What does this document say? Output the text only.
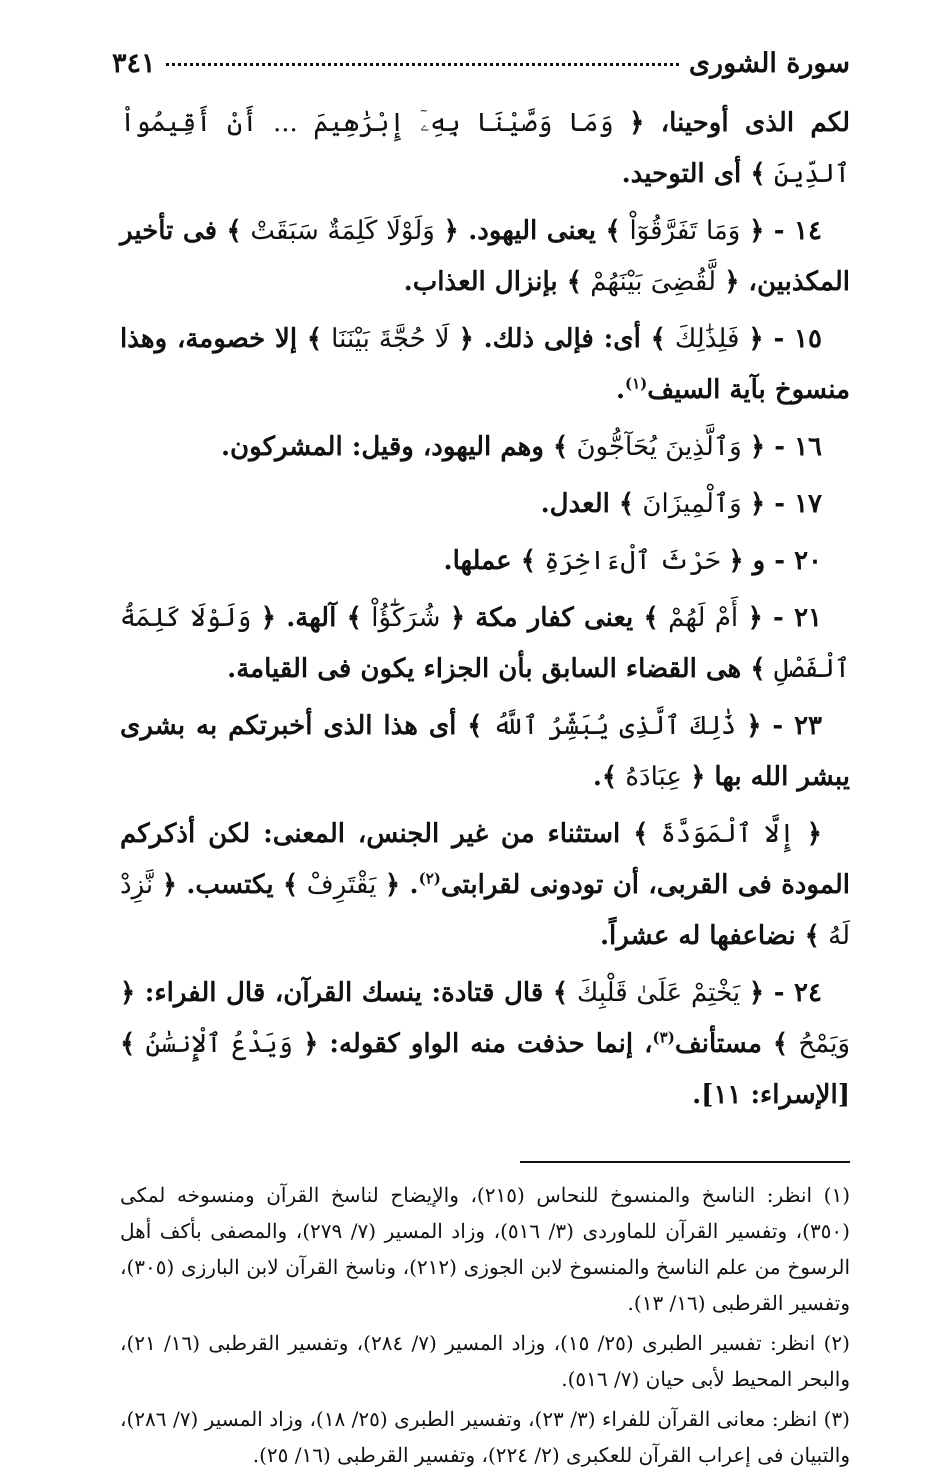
سورة الشورى
٣٤١

لكم الذى أوحينا، ﴿ وَمَا وَصَّيْنَا بِهِۦٓ إِبْرَٰهِيمَ ... أَنْ أَقِيمُواْ ٱلدِّينَ ﴾ أى التوحيد.

١٤ - ﴿ وَمَا تَفَرَّقُوٓاْ ﴾ يعنى اليهود. ﴿ وَلَوْلَا كَلِمَةٌ سَبَقَتْ ﴾ فى تأخير المكذبين، ﴿ لَّقُضِىَ بَيْنَهُمْ ﴾ بإنزال العذاب.

١٥ - ﴿ فَلِذَٰلِكَ ﴾ أى: فإلى ذلك. ﴿ لَا حُجَّةَ بَيْنَنَا ﴾ إلا خصومة، وهذا منسوخ بآية السيف$^{(١)}$.

١٦ - ﴿ وَٱلَّذِينَ يُحَآجُّونَ ﴾ وهم اليهود، وقيل: المشركون.

١٧ - ﴿ وَٱلْمِيزَانَ ﴾ العدل.

٢٠ - و ﴿ حَرْثَ ٱلْءَاخِرَةِ ﴾ عملها.

٢١ - ﴿ أَمْ لَهُمْ ﴾ يعنى كفار مكة ﴿ شُرَكَٰٓؤُاْ ﴾ آلهة. ﴿ وَلَوْلَا كَلِمَةُ ٱلْفَصْلِ ﴾ هى القضاء السابق بأن الجزاء يكون فى القيامة.

٢٣ - ﴿ ذَٰلِكَ ٱلَّذِى يُبَشِّرُ ٱللَّهُ ﴾ أى هذا الذى أخبرتكم به بشرى يبشر الله بها ﴿ عِبَادَهُ ﴾.

﴿ إِلَّا ٱلْمَوَدَّةَ ﴾ استثناء من غير الجنس، المعنى: لكن أذكركم المودة فى القربى، أن تودونى لقرابتى$^{(٢)}$. ﴿ يَقْتَرِفْ ﴾ يكتسب. ﴿ نَّزِدْ لَهُ ﴾ نضاعفها له عشراً.

٢٤ - ﴿ يَخْتِمْ عَلَىٰ قَلْبِكَ ﴾ قال قتادة: ينسك القرآن، قال الفراء: ﴿ وَيَمْحُ ﴾ مستأنف$^{(٣)}$، إنما حذفت منه الواو كقوله: ﴿ وَيَدْعُ ٱلْإِنسَٰنُ ﴾ [الإسراء: ١١].

(١) انظر: الناسخ والمنسوخ للنحاس (٢١٥)، والإيضاح لناسخ القرآن ومنسوخه لمكى (٣٥٠)، وتفسير القرآن للماوردى (٣/ ٥١٦)، وزاد المسير (٧/ ٢٧٩)، والمصفى بأكف أهل الرسوخ من علم الناسخ والمنسوخ لابن الجوزى (٢١٢)، وناسخ القرآن لابن البارزى (٣٠٥)، وتفسير القرطبى (١٦/ ١٣).

(٢) انظر: تفسير الطبرى (٢٥/ ١٥)، وزاد المسير (٧/ ٢٨٤)، وتفسير القرطبى (١٦/ ٢١)، والبحر المحيط لأبى حيان (٧/ ٥١٦).

(٣) انظر: معانى القرآن للفراء (٣/ ٢٣)، وتفسير الطبرى (٢٥/ ١٨)، وزاد المسير (٧/ ٢٨٦)، والتبيان فى إعراب القرآن للعكبرى (٢/ ٢٢٤)، وتفسير القرطبى (١٦/ ٢٥).
